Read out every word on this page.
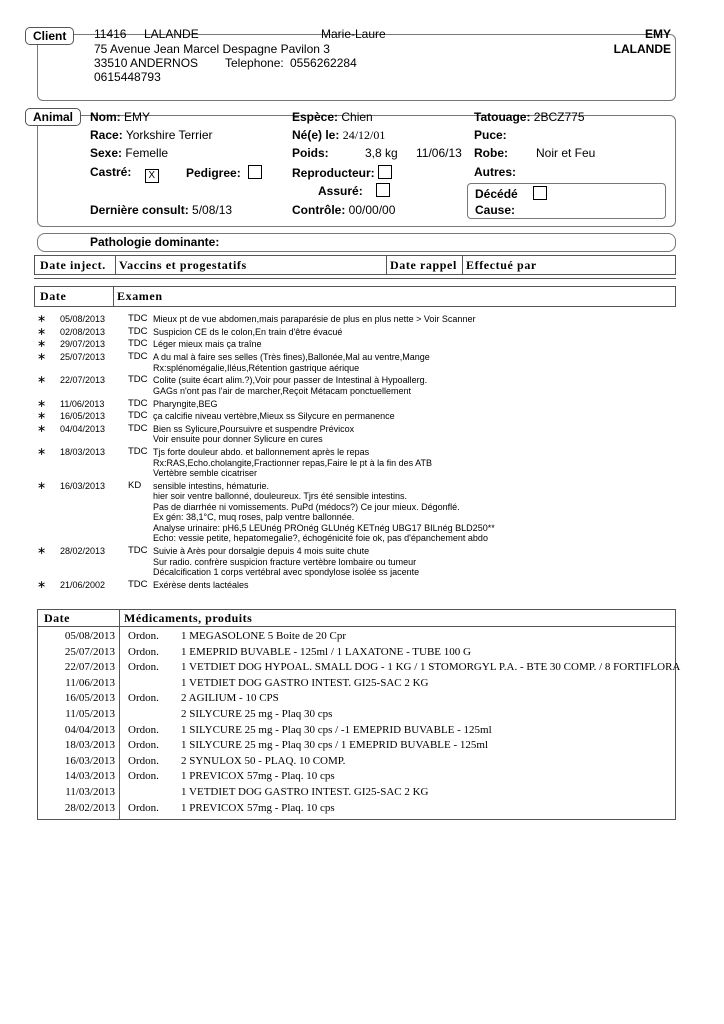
Client	11416 LALANDE	Marie-Laure
75 Avenue Jean Marcel Despagne Pavilon 3
33510 ANDERNOS Telephone: 0556262284
0615448793
EMY
LALANDE
Animal	Nom: EMY	Espèce: Chien	Tatouage: 2BCZ775
Race: Yorkshire Terrier	Né(e) le: 24/12/01	Puce:
Sexe: Femelle	Poids:	3,8 kg 11/06/13 Robe: Noir et Feu
Castré: X	Pedigree:	Reproducteur:	Autres:
Assuré:	Décédé
Cause:
Dernière consult: 5/08/13	Contrôle: 00/00/00
Pathologie dominante:
Date inject. Vaccins et progestatifs	Date rappel Effectué par
Date	Examen
∗ 05/08/2013 TDC Mieux pt de vue abdomen,mais paraparésie de plus en plus nette > Voir Scanner
∗ 02/08/2013 TDC Suspicion CE ds le colon,En train d'être évacué
∗ 29/07/2013 TDC Léger mieux mais ça traîne
∗ 25/07/2013 TDC A du mal à faire ses selles (Très fines),Ballonée,Mal au ventre,Mange
Rx:splénomégalie,Iléus,Rétention gastrique aérique
∗ 22/07/2013 TDC Colite (suite écart alim.?),Voir pour passer de Intestinal à Hypoallerg.
GAGs n'ont pas l'air de marcher,Reçoit Métacam ponctuellement
∗ 11/06/2013 TDC Pharyngite,BEG
∗ 16/05/2013 TDC ça calcifie niveau vertèbre,Mieux ss Silycure en permanence
∗ 04/04/2013 TDC Bien ss Sylicure,Poursuivre et suspendre Prévicox
Voir ensuite pour donner Sylicure en cures
∗ 18/03/2013 TDC Tjs forte douleur abdo. et ballonnement après le repas
Rx:RAS,Echo.cholangite,Fractionner repas,Faire le pt à la fin des ATB
Vertèbre semble cicatriser
∗ 16/03/2013 KD sensible intestins, hématurie.
hier soir ventre ballonné, douleureux. Tjrs été sensible intestins.
Pas de diarrhée ni vomissements. PuPd (médocs?) Ce jour mieux. Dégonflé.
Ex gén: 38,1°C, muq roses, palp ventre ballonnée.
Analyse urinaire: pH6,5 LEUnég PROnég GLUnég KETnég UBG17 BILnég BLD250**
Echo: vessie petite, hepatomegalie?, échogénicité foie ok, pas d'épanchement abdo
∗ 28/02/2013 TDC Suivie à Arès pour dorsalgie depuis 4 mois suite chute
Sur radio. confrère suspicion fracture vertèbre lombaire ou tumeur
Décalcification 1 corps vertébral avec spondylose isolée ss jacente
∗ 21/06/2002 TDC Exérèse dents lactéales
Date	Médicaments, produits
05/08/2013 Ordon. 1 MEGASOLONE 5 Boite de 20 Cpr
25/07/2013 Ordon. 1 EMEPRID BUVABLE - 125ml / 1 LAXATONE - TUBE 100 G
22/07/2013 Ordon. 1 VETDIET DOG HYPOAL. SMALL DOG - 1 KG / 1 STOMORGYL P.A. - BTE 30 COMP. / 8 FORTIFLORA
11/06/2013	1 VETDIET DOG GASTRO INTEST. GI25-SAC 2 KG
16/05/2013 Ordon. 2 AGILIUM - 10 CPS
11/05/2013	2 SILYCURE 25 mg - Plaq 30 cps
04/04/2013 Ordon. 1 SILYCURE 25 mg - Plaq 30 cps / -1 EMEPRID BUVABLE - 125ml
18/03/2013 Ordon. 1 SILYCURE 25 mg - Plaq 30 cps / 1 EMEPRID BUVABLE - 125ml
16/03/2013 Ordon. 2 SYNULOX 50 - PLAQ. 10 COMP.
14/03/2013 Ordon. 1 PREVICOX 57mg - Plaq. 10 cps
11/03/2013	1 VETDIET DOG GASTRO INTEST. GI25-SAC 2 KG
28/02/2013 Ordon. 1 PREVICOX 57mg - Plaq. 10 cps
